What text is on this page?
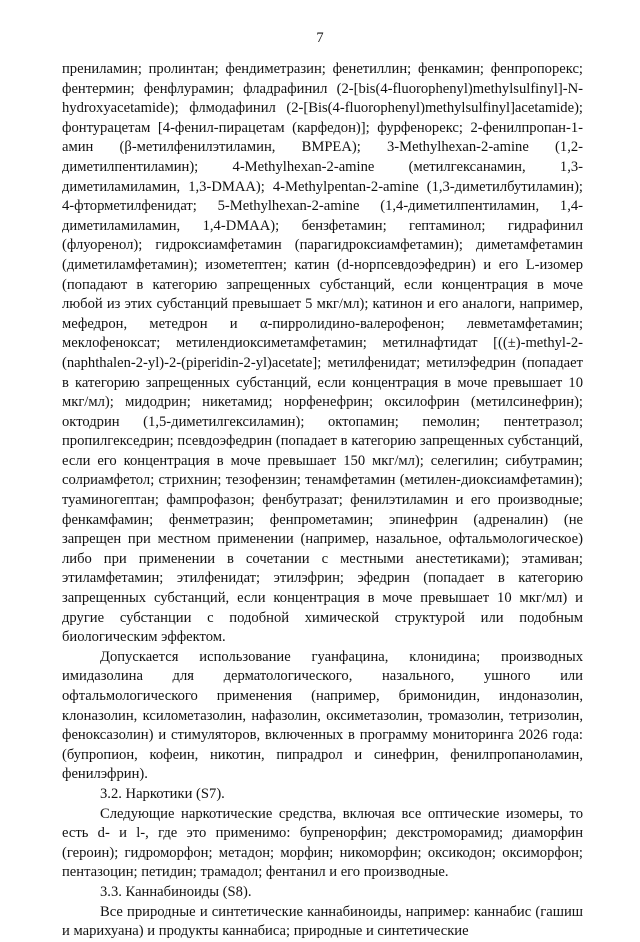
7

прениламин; пролинтан; фендиметразин; фенетиллин; фенкамин; фенпропорекс; фентермин; фенфлурамин; фладрафинил (2-[bis(4-fluorophenyl)methylsulfinyl]-N-hydroxyacetamide); флмодафинил (2-[Bis(4-fluorophenyl)methylsulfinyl]acetamide); фонтурацетам [4-фенил-пирацетам (карфедон)]; фурфенорекс; 2-фенилпропан-1-амин (β-метилфенилэтиламин, BMPEA); 3-Methylhexan-2-amine (1,2-диметилпентиламин); 4-Methylhexan-2-amine (метилгексанамин, 1,3-диметиламиламин, 1,3-DMAA); 4-Methylpentan-2-amine (1,3-диметилбутиламин); 4-фторметилфенидат; 5-Methylhexan-2-amine (1,4-диметилпентиламин, 1,4-диметиламиламин, 1,4-DMAA); бензфетамин; гептаминол; гидрафинил (флуоренол); гидроксиамфетамин (парагидроксиамфетамин); диметамфетамин (диметиламфетамин); изометептен; катин (d-норпсевдоэфедрин) и его L-изомер (попадают в категорию запрещенных субстанций, если концентрация в моче любой из этих субстанций превышает 5 мкг/мл); катинон и его аналоги, например, мефедрон, метедрон и α-пирролидино-валерофенон; левметамфетамин; меклофеноксат; метилендиоксиметамфетамин; метилнафтидат [((±)-methyl-2-(naphthalen-2-yl)-2-(piperidin-2-yl)acetate]; метилфенидат; метилэфедрин (попадает в категорию запрещенных субстанций, если концентрация в моче превышает 10 мкг/мл); мидодрин; никетамид; норфенефрин; оксилофрин (метилсинефрин); октодрин (1,5-диметилгексиламин); октопамин; пемолин; пентетразол; пропилгекседрин; псевдоэфедрин (попадает в категорию запрещенных субстанций, если его концентрация в моче превышает 150 мкг/мл); селегилин; сибутрамин; солриамфетол; стрихнин; тезофензин; тенамфетамин (метилен-диоксиамфетамин); туаминогептан; фампрофазон; фенбутразат; фенилэтиламин и его производные; фенкамфамин; фенметразин; фенпрометамин; эпинефрин (адреналин) (не запрещен при местном применении (например, назальное, офтальмологическое) либо при применении в сочетании с местными анестетиками); этамиван; этиламфетамин; этилфенидат; этилэфрин; эфедрин (попадает в категорию запрещенных субстанций, если концентрация в моче превышает 10 мкг/мл) и другие субстанции с подобной химической структурой или подобным биологическим эффектом.

Допускается использование гуанфацина, клонидина; производных имидазолина для дерматологического, назального, ушного или офтальмологического применения (например, бримонидин, индоназолин, клоназолин, ксилометазолин, нафазолин, оксиметазолин, тромазолин, тетризолин, феноксазолин) и стимуляторов, включенных в программу мониторинга 2026 года: (бупропион, кофеин, никотин, пипрадрол и синефрин, фенилпропаноламин, фенилэфрин).

3.2. Наркотики (S7).

Следующие наркотические средства, включая все оптические изомеры, то есть d- и l-, где это применимо: бупренорфин; декстроморамид; диаморфин (героин); гидроморфон; метадон; морфин; никоморфин; оксикодон; оксиморфон; пентазоцин; петидин; трамадол; фентанил и его производные.

3.3. Каннабиноиды (S8).

Все природные и синтетические каннабиноиды, например: каннабис (гашиш и марихуана) и продукты каннабиса; природные и синтетические
